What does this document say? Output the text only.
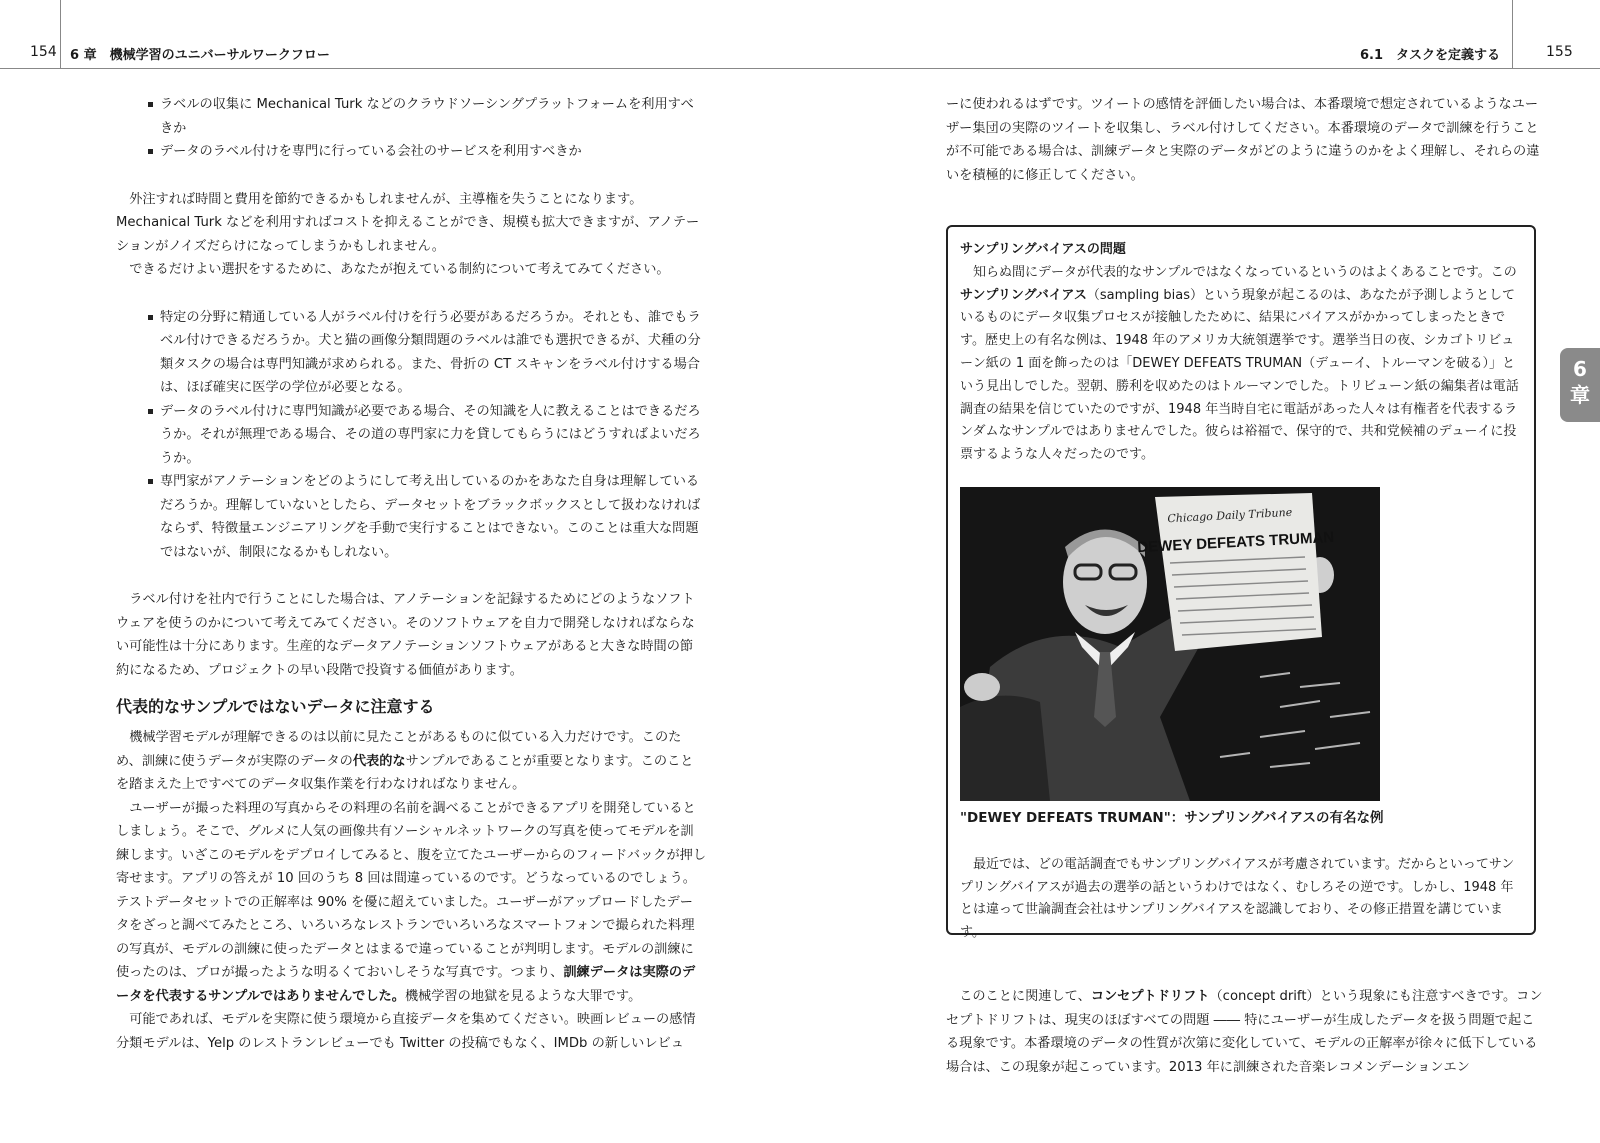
154 6 章　機械学習のユニバーサルワークフロー	6.1　タスクを定義する	155
ラベルの収集に Mechanical Turk などのクラウドソーシングプラットフォームを利用すべきか
データのラベル付けを専門に行っている会社のサービスを利用すべきか

外注すれば時間と費用を節約できるかもしれませんが、主導権を失うことになります。Mechanical Turk などを利用すればコストを抑えることができ、規模も拡大できますが、アノテーションがノイズだらけになってしまうかもしれません。

できるだけよい選択をするために、あなたが抱えている制約について考えてみてください。

特定の分野に精通している人がラベル付けを行う必要があるだろうか。それとも、誰でもラベル付けできるだろうか。犬と猫の画像分類問題のラベルは誰でも選択できるが、犬種の分類タスクの場合は専門知識が求められる。また、骨折の CT スキャンをラベル付けする場合は、ほぼ確実に医学の学位が必要となる。
データのラベル付けに専門知識が必要である場合、その知識を人に教えることはできるだろうか。それが無理である場合、その道の専門家に力を貸してもらうにはどうすればよいだろうか。
専門家がアノテーションをどのようにして考え出しているのかをあなた自身は理解しているだろうか。理解していないとしたら、データセットをブラックボックスとして扱わなければならず、特徴量エンジニアリングを手動で実行することはできない。このことは重大な問題ではないが、制限になるかもしれない。

ラベル付けを社内で行うことにした場合は、アノテーションを記録するためにどのようなソフトウェアを使うのかについて考えてみてください。そのソフトウェアを自力で開発しなければならない可能性は十分にあります。生産的なデータアノテーションソフトウェアがあると大きな時間の節約になるため、プロジェクトの早い段階で投資する価値があります。

代表的なサンプルではないデータに注意する

機械学習モデルが理解できるのは以前に見たことがあるものに似ている入力だけです。このため、訓練に使うデータが実際のデータの代表的なサンプルであることが重要となります。このことを踏まえた上ですべてのデータ収集作業を行わなければなりません。

ユーザーが撮った料理の写真からその料理の名前を調べることができるアプリを開発しているとしましょう。そこで、グルメに人気の画像共有ソーシャルネットワークの写真を使ってモデルを訓練します。いざこのモデルをデプロイしてみると、腹を立てたユーザーからのフィードバックが押し寄せます。アプリの答えが 10 回のうち 8 回は間違っているのです。どうなっているのでしょう。テストデータセットでの正解率は 90% を優に超えていました。ユーザーがアップロードしたデータをざっと調べてみたところ、いろいろなレストランでいろいろなスマートフォンで撮られた料理の写真が、モデルの訓練に使ったデータとはまるで違っていることが判明します。モデルの訓練に使ったのは、プロが撮ったような明るくておいしそうな写真です。つまり、訓練データは実際のデータを代表するサンプルではありませんでした。機械学習の地獄を見るような大罪です。

可能であれば、モデルを実際に使う環境から直接データを集めてください。映画レビューの感情分類モデルは、Yelp のレストランレビューでも Twitter の投稿でもなく、IMDb の新しいレビュ

ーに使われるはずです。ツイートの感情を評価したい場合は、本番環境で想定されているようなユーザー集団の実際のツイートを収集し、ラベル付けしてください。本番環境のデータで訓練を行うことが不可能である場合は、訓練データと実際のデータがどのように違うのかをよく理解し、それらの違いを積極的に修正してください。

サンプリングバイアスの問題

知らぬ間にデータが代表的なサンプルではなくなっているというのはよくあることです。このサンプリングバイアス（sampling bias）という現象が起こるのは、あなたが予測しようとしているものにデータ収集プロセスが接触したために、結果にバイアスがかかってしまったときです。歴史上の有名な例は、1948 年のアメリカ大統領選挙です。選挙当日の夜、シカゴトリビューン紙の 1 面を飾ったのは「DEWEY DEFEATS TRUMAN（デューイ、トルーマンを破る）」という見出しでした。翌朝、勝利を収めたのはトルーマンでした。トリビューン紙の編集者は電話調査の結果を信じていたのですが、1948 年当時自宅に電話があった人々は有権者を代表するランダムなサンプルではありませんでした。彼らは裕福で、保守的で、共和党候補のデューイに投票するような人々だったのです。

Chicago Daily Tribune
DEWEY DEFEATS TRUMAN
"DEWEY DEFEATS TRUMAN"：サンプリングバイアスの有名な例

最近では、どの電話調査でもサンプリングバイアスが考慮されています。だからといってサンプリングバイアスが過去の選挙の話というわけではなく、むしろその逆です。しかし、1948 年とは違って世論調査会社はサンプリングバイアスを認識しており、その修正措置を講じています。

このことに関連して、コンセプトドリフト（concept drift）という現象にも注意すべきです。コンセプトドリフトは、現実のほぼすべての問題 ―― 特にユーザーが生成したデータを扱う問題で起こる現象です。本番環境のデータの性質が次第に変化していて、モデルの正解率が徐々に低下している場合は、この現象が起こっています。2013 年に訓練された音楽レコメンデーションエン

6
章
